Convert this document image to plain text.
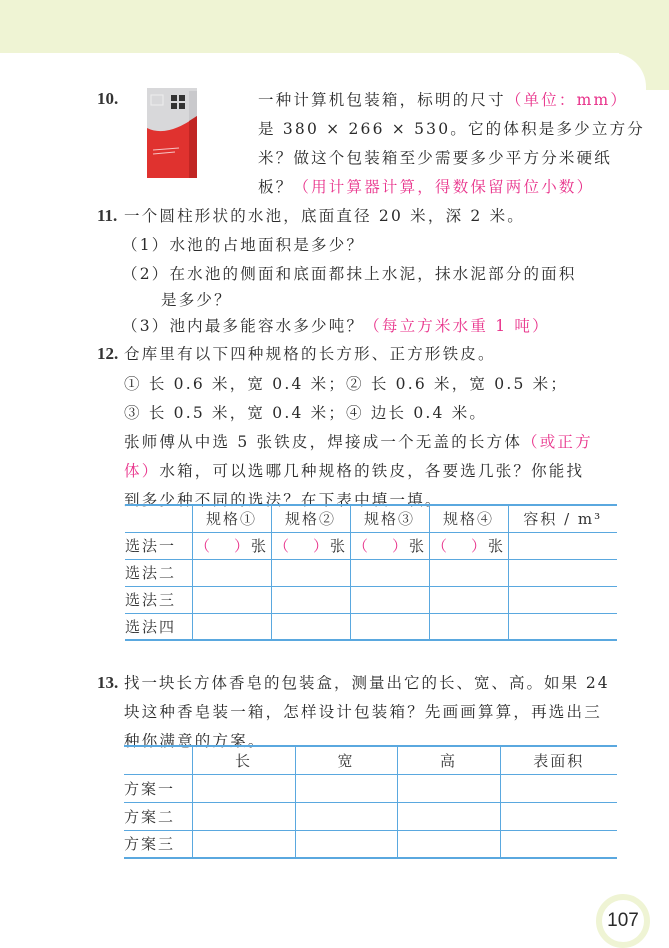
10.	一种计算机包装箱，标明的尺寸（单位：mm）
是 380 × 266 × 530。它的体积是多少立方分
米？做这个包装箱至少需要多少平方分米硬纸
板？（用计算器计算，得数保留两位小数）
11. 一个圆柱形状的水池，底面直径 20 米，深 2 米。
（1）水池的占地面积是多少？
（2）在水池的侧面和底面都抹上水泥，抹水泥部分的面积
是多少？
（3）池内最多能容水多少吨？（每立方米水重 1 吨）
12. 仓库里有以下四种规格的长方形、正方形铁皮。
① 长 0.6 米，宽 0.4 米； ② 长 0.6 米，宽 0.5 米；
③ 长 0.5 米，宽 0.4 米； ④ 边长 0.4 米。
张师傅从中选 5 张铁皮，焊接成一个无盖的长方体（或正方
体）水箱，可以选哪几种规格的铁皮，各要选几张？你能找
到多少种不同的选法？在下表中填一填。
	规格①	规格②	规格③	规格④	容积 / m³
选法一	（ ）张	（ ）张	（ ）张	（ ）张	
选法二					
选法三					
选法四					
13. 找一块长方体香皂的包装盒，测量出它的长、宽、高。如果 24
块这种香皂装一箱，怎样设计包装箱？先画画算算，再选出三
种你满意的方案。
	长	宽	高	表面积
方案一				
方案二				
方案三				
107
